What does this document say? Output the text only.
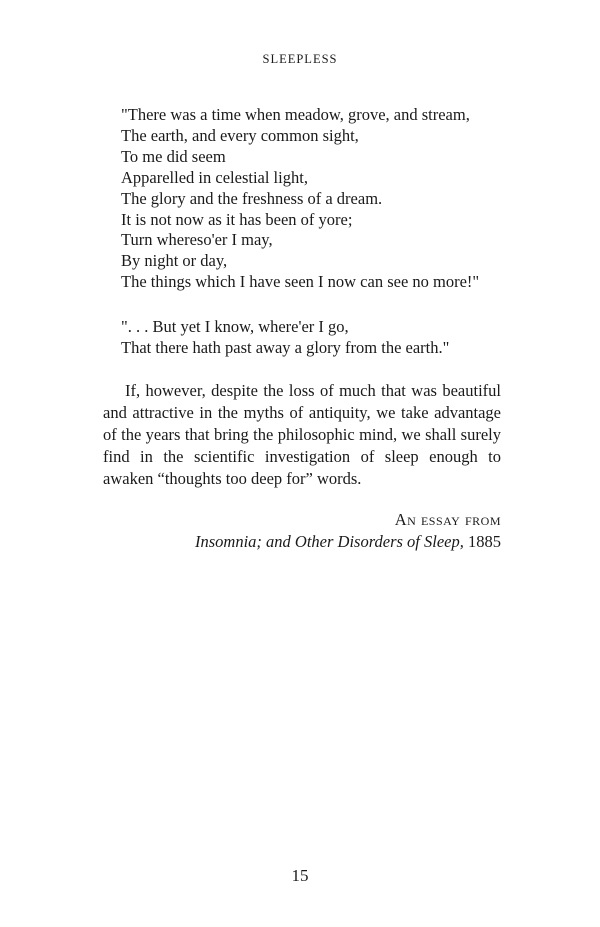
SLEEPLESS
"There was a time when meadow, grove, and stream,
The earth, and every common sight,
To me did seem
Apparelled in celestial light,
The glory and the freshness of a dream.
It is not now as it has been of yore;
Turn whereso'er I may,
By night or day,
The things which I have seen I now can see no more!"
". . . But yet I know, where'er I go,
That there hath past away a glory from the earth."

If, however, despite the loss of much that was beautiful and attractive in the myths of antiquity, we take advantage of the years that bring the philosophic mind, we shall surely find in the scientific investigation of sleep enough to awaken “thoughts too deep for” words.

An essay from
Insomnia; and Other Disorders of Sleep, 1885
15
